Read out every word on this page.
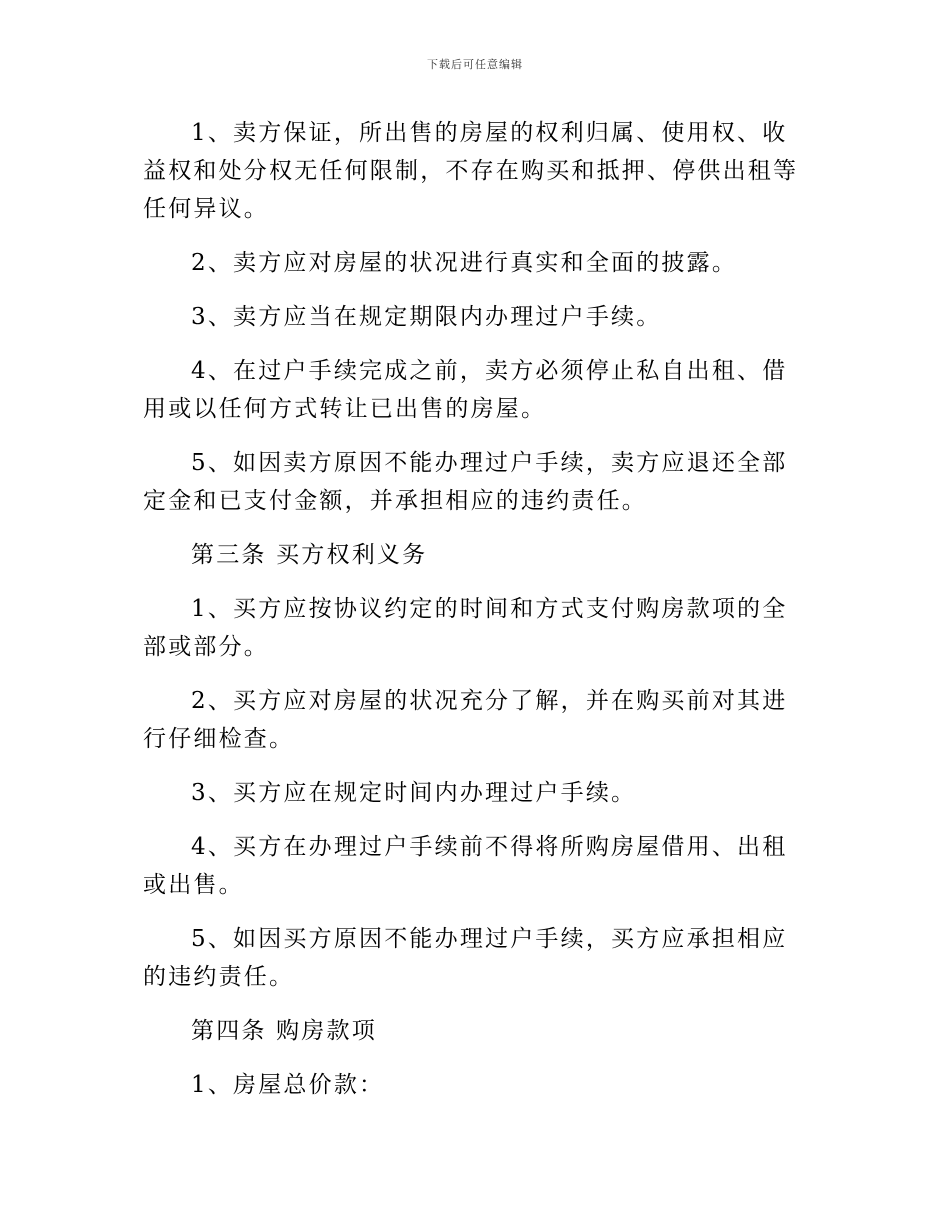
下载后可任意编辑

1、卖方保证，所出售的房屋的权利归属、使用权、收益权和处分权无任何限制，不存在购买和抵押、停供出租等任何异议。

2、卖方应对房屋的状况进行真实和全面的披露。

3、卖方应当在规定期限内办理过户手续。

4、在过户手续完成之前，卖方必须停止私自出租、借用或以任何方式转让已出售的房屋。

5、如因卖方原因不能办理过户手续，卖方应退还全部定金和已支付金额，并承担相应的违约责任。

第三条 买方权利义务

1、买方应按协议约定的时间和方式支付购房款项的全部或部分。

2、买方应对房屋的状况充分了解，并在购买前对其进行仔细检查。

3、买方应在规定时间内办理过户手续。

4、买方在办理过户手续前不得将所购房屋借用、出租或出售。

5、如因买方原因不能办理过户手续，买方应承担相应的违约责任。

第四条 购房款项

1、房屋总价款：
